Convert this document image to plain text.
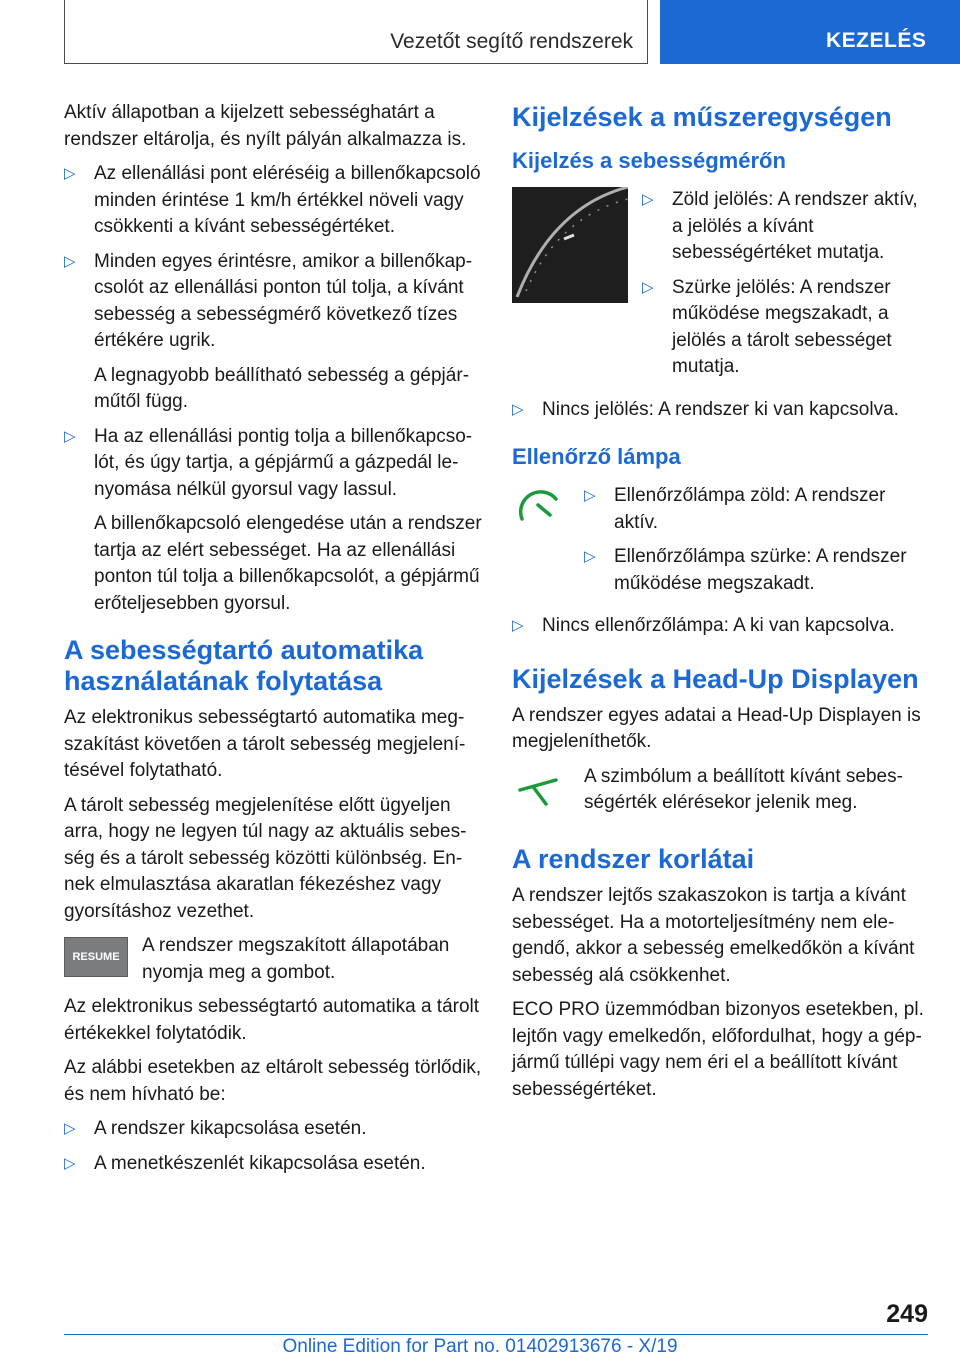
Vezetőt segítő rendszerek	KEZELÉS

Aktív állapotban a kijelzett sebességhatárt a rendszer eltárolja, és nyílt pályán alkalmazza is.

▷ Az ellenállási pont eléréséig a billenőkapcsoló minden érintése 1 km/h értékkel növeli vagy csökkenti a kívánt sebességértéket.
▷ Minden egyes érintésre, amikor a billenőkapcsolót az ellenállási ponton túl tolja, a kívánt sebesség a sebességmérő következő tízes értékére ugrik.
A legnagyobb beállítható sebesség a gépjárműtől függ.
▷ Ha az ellenállási pontig tolja a billenőkapcsolót, és úgy tartja, a gépjármű a gázpedál lenyomása nélkül gyorsul vagy lassul.
A billenőkapcsoló elengedése után a rendszer tartja az elért sebességet. Ha az ellenállási ponton túl tolja a billenőkapcsolót, a gépjármű erőteljesebben gyorsul.
A sebességtartó automatika használatának folytatása

Az elektronikus sebességtartó automatika megszakítást követően a tárolt sebesség megjelenítésével folytatható.

A tárolt sebesség megjelenítése előtt ügyeljen arra, hogy ne legyen túl nagy az aktuális sebesség és a tárolt sebesség közötti különbség. Ennek elmulasztása akaratlan fékezéshez vagy gyorsításhoz vezethet.

RESUME
A rendszer megszakított állapotában nyomja meg a gombot.

Az elektronikus sebességtartó automatika a tárolt értékekkel folytatódik.

Az alábbi esetekben az eltárolt sebesség törlődik, és nem hívható be:

▷ A rendszer kikapcsolása esetén.
▷ A menetkészenlét kikapcsolása esetén.
Kijelzések a műszeregységen
Kijelzés a sebességmérőn
▷ Zöld jelölés: A rendszer aktív, a jelölés a kívánt sebességértéket mutatja.
▷ Szürke jelölés: A rendszer működése megszakadt, a jelölés a tárolt sebességet mutatja.
▷ Nincs jelölés: A rendszer ki van kapcsolva.
Ellenőrző lámpa
▷ Ellenőrzőlámpa zöld: A rendszer aktív.
▷ Ellenőrzőlámpa szürke: A rendszer működése megszakadt.
▷ Nincs ellenőrzőlámpa: A ki van kapcsolva.
Kijelzések a Head-Up Displayen

A rendszer egyes adatai a Head-Up Displayen is megjeleníthetők.

A szimbólum a beállított kívánt sebességérték elérésekor jelenik meg.
A rendszer korlátai

A rendszer lejtős szakaszokon is tartja a kívánt sebességet. Ha a motorteljesítmény nem elegendő, akkor a sebesség emelkedőkön a kívánt sebesség alá csökkenhet.

ECO PRO üzemmódban bizonyos esetekben, pl. lejtőn vagy emelkedőn, előfordulhat, hogy a gépjármű túllépi vagy nem éri el a beállított kívánt sebességértéket.

249
Online Edition for Part no. 01402913676 - X/19
